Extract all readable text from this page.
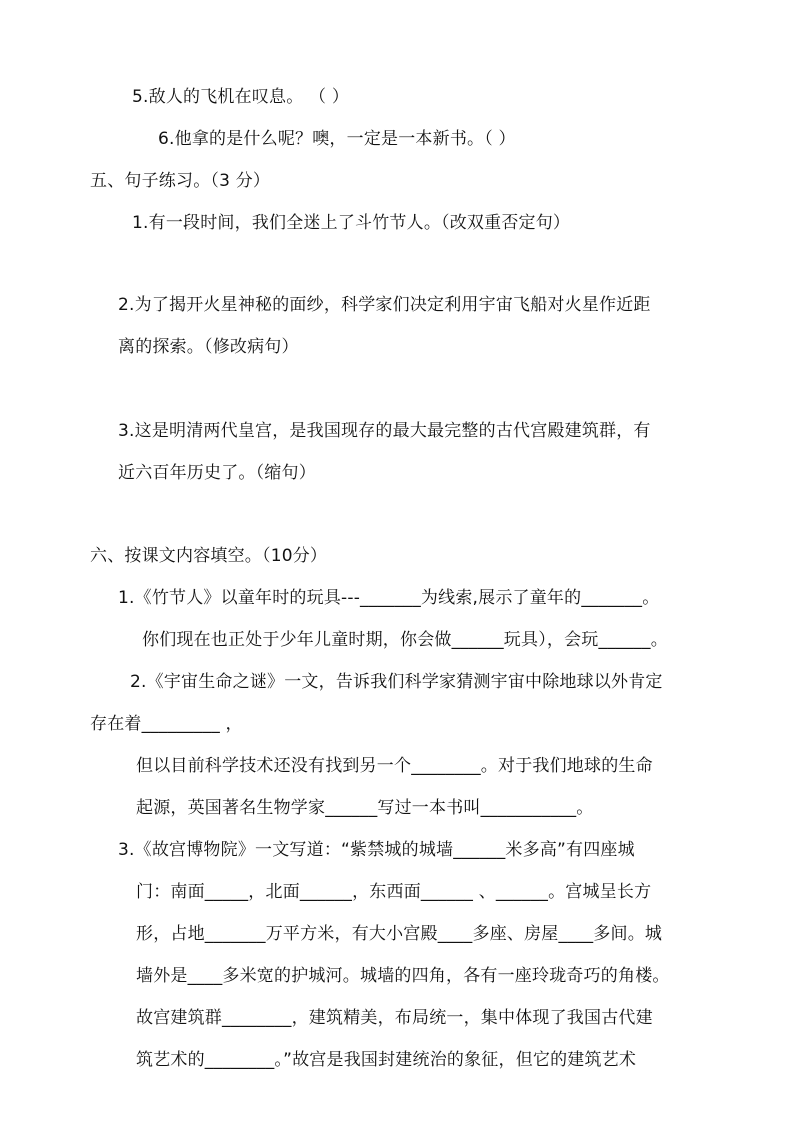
5.敌人的飞机在叹息。 （ ）
6.他拿的是什么呢？噢，一定是一本新书。（ ）
五、句子练习。（3 分）
1.有一段时间，我们全迷上了斗竹节人。（改双重否定句）
2.为了揭开火星神秘的面纱，科学家们决定利用宇宙飞船对火星作近距
离的探索。（修改病句）
3.这是明清两代皇宫，是我国现存的最大最完整的古代宫殿建筑群，有
近六百年历史了。（缩句）
六、按课文内容填空。（10分）
1.《竹节人》以童年时的玩具---_______为线索,展示了童年的_______。
你们现在也正处于少年儿童时期，你会做______玩具），会玩______。
2.《宇宙生命之谜》一文，告诉我们科学家猜测宇宙中除地球以外肯定
存在着_________ ，
但以目前科学技术还没有找到另一个________。对于我们地球的生命
起源，英国著名生物学家______写过一本书叫___________。
3.《故宫博物院》一文写道：“紫禁城的城墙______米多高”有四座城
门：南面_____，北面______，东西面______ 、______。宫城呈长方
形，占地_______万平方米，有大小宫殿____多座、房屋____多间。城
墙外是____多米宽的护城河。城墙的四角，各有一座玲珑奇巧的角楼。
故宫建筑群________，建筑精美，布局统一，集中体现了我国古代建
筑艺术的________。”故宫是我国封建统治的象征，但它的建筑艺术
